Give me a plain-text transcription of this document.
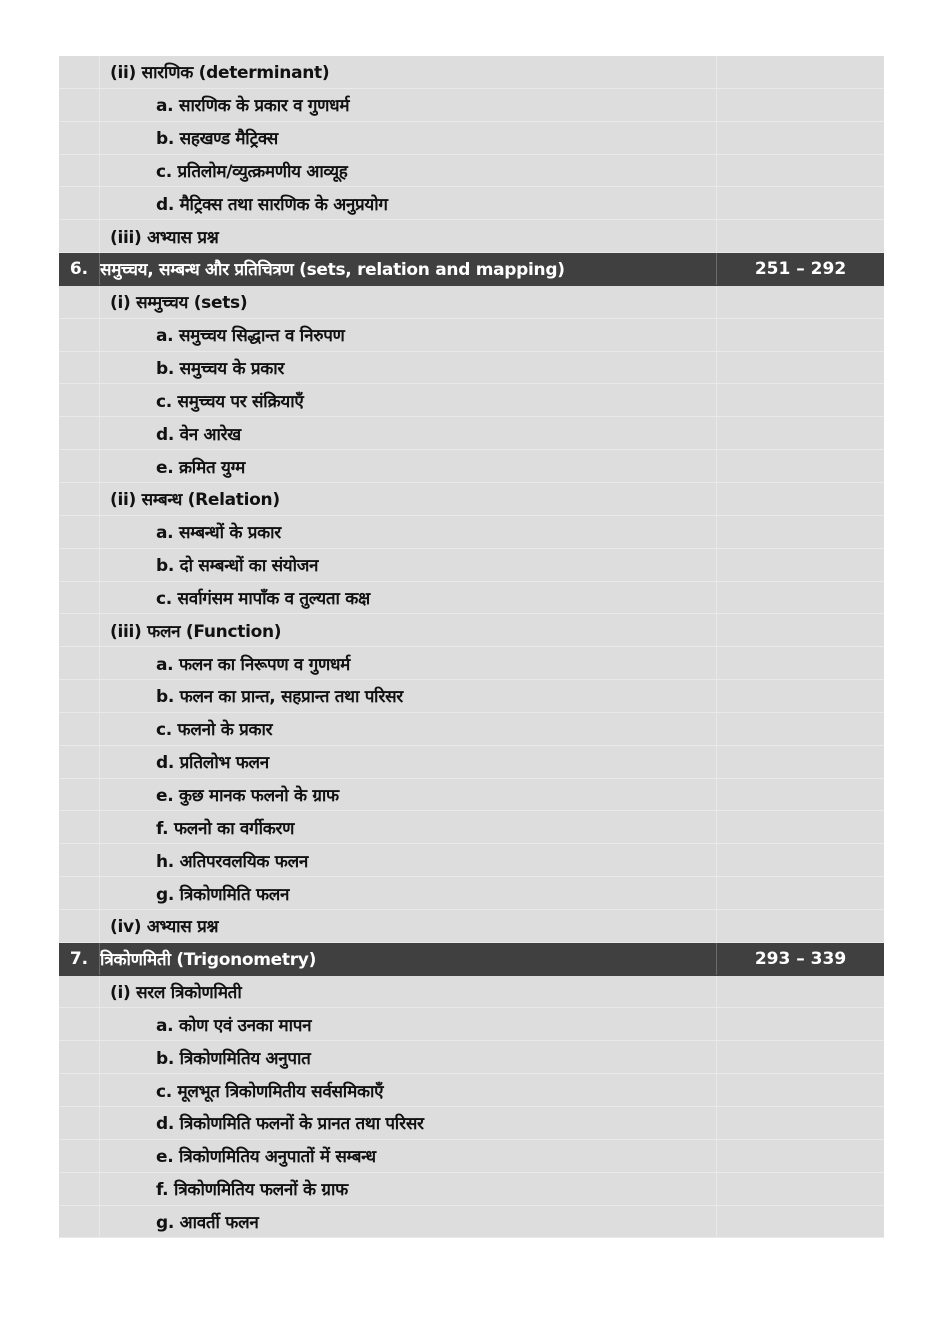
(ii) सारणिक (determinant)
a. सारणिक के प्रकार व गुणधर्म
b. सहखण्ड मैट्रिक्स
c. प्रतिलोम/व्युत्क्रमणीय आव्यूह
d. मैट्रिक्स तथा सारणिक के अनुप्रयोग
(iii) अभ्यास प्रश्न
6. समुच्चय, सम्बन्ध और प्रतिचित्रण (sets, relation and mapping)	251 – 292
(i) सम्मुच्चय (sets)
a. समुच्चय सिद्धान्त व निरुपण
b. समुच्चय के प्रकार
c. समुच्चय पर संक्रियाएँ
d. वेन आरेख
e. क्रमित युग्म
(ii) सम्बन्ध (Relation)
a. सम्बन्धों के प्रकार
b. दो सम्बन्धों का संयोजन
c. सर्वागंसम मापाँक व तुल्यता कक्ष
(iii) फलन (Function)
a. फलन का निरूपण व गुणधर्म
b. फलन का प्रान्त, सहप्रान्त तथा परिसर
c. फलनो के प्रकार
d. प्रतिलोभ फलन
e. कुछ मानक फलनो के ग्राफ
f. फलनो का वर्गीकरण
h. अतिपरवलयिक फलन
g. त्रिकोणमिति फलन
(iv) अभ्यास प्रश्न
7. त्रिकोणमिती (Trigonometry)	293 – 339
(i) सरल त्रिकोणमिती
a. कोण एवं उनका मापन
b. त्रिकोणमितिय अनुपात
c. मूलभूत त्रिकोणमितीय सर्वसमिकाएँ
d. त्रिकोणमिति फलनों के प्रानत तथा परिसर
e. त्रिकोणमितिय अनुपातों में सम्बन्ध
f. त्रिकोणमितिय फलनों के ग्राफ
g. आवर्ती फलन
